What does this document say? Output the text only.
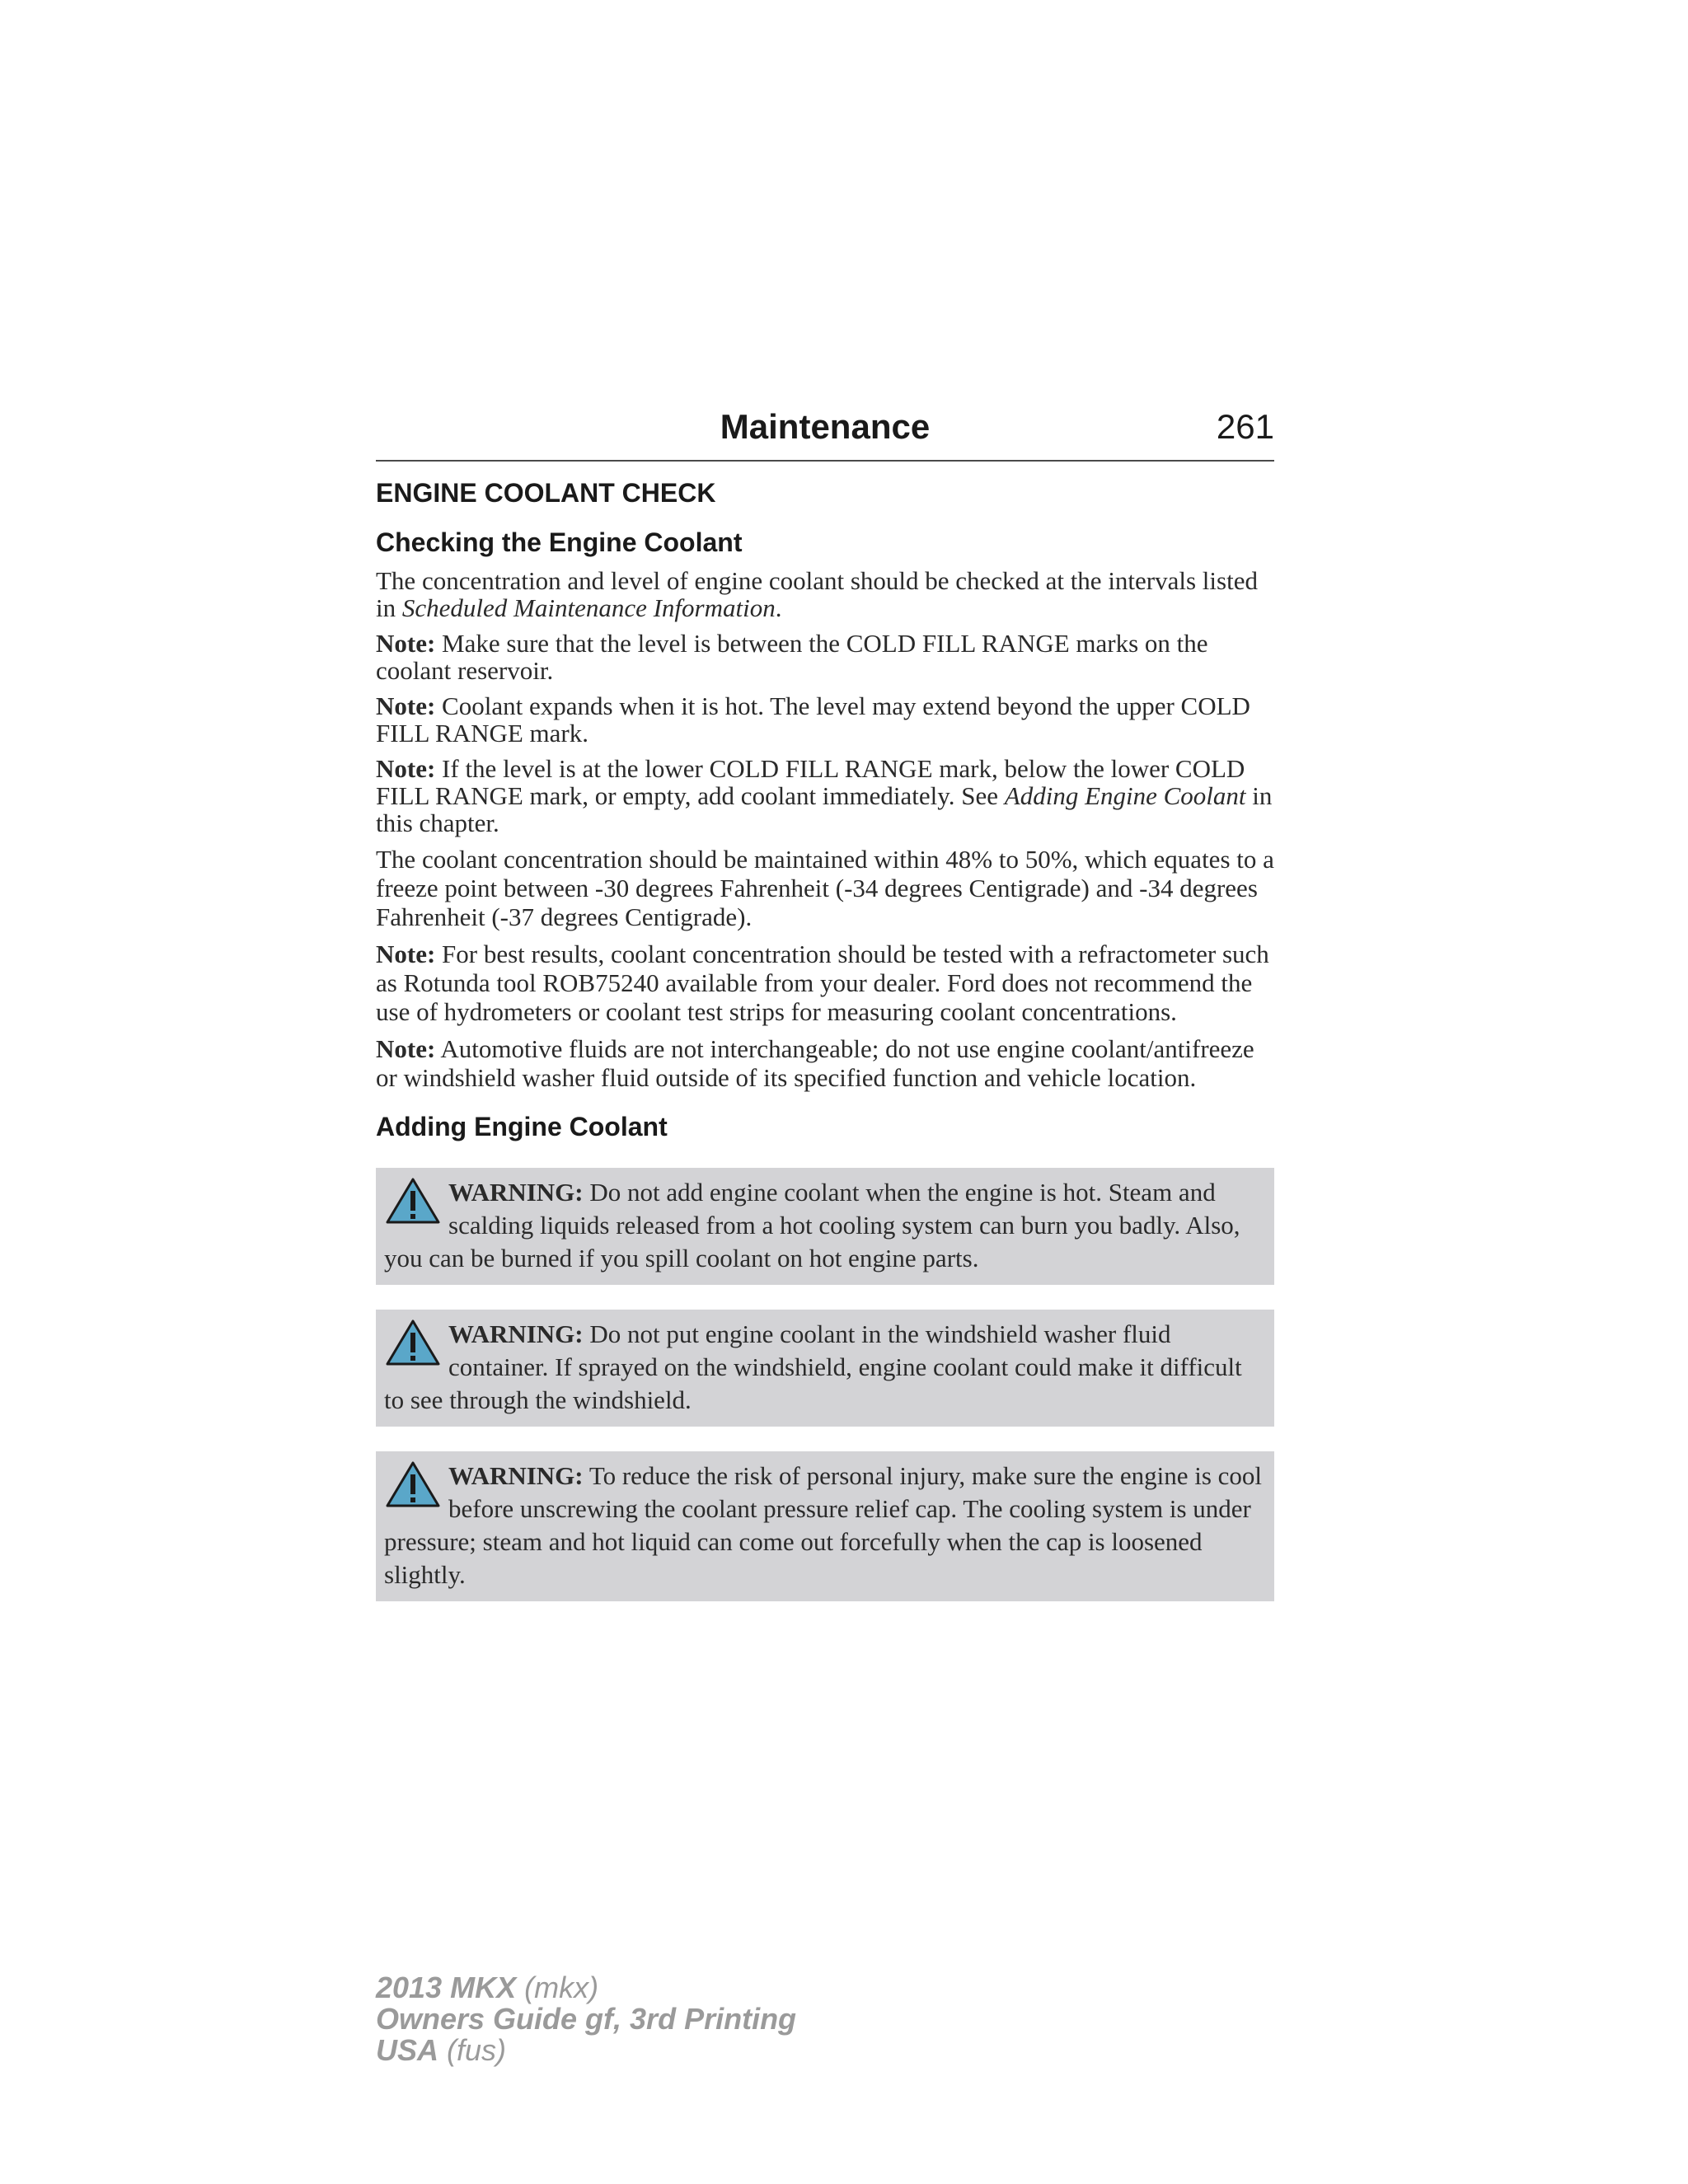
Maintenance	261
ENGINE COOLANT CHECK
Checking the Engine Coolant

The concentration and level of engine coolant should be checked at the intervals listed in Scheduled Maintenance Information.

Note: Make sure that the level is between the COLD FILL RANGE marks on the coolant reservoir.

Note: Coolant expands when it is hot. The level may extend beyond the upper COLD FILL RANGE mark.

Note: If the level is at the lower COLD FILL RANGE mark, below the lower COLD FILL RANGE mark, or empty, add coolant immediately. See Adding Engine Coolant in this chapter.

The coolant concentration should be maintained within 48% to 50%, which equates to a freeze point between -30 degrees Fahrenheit (-34 degrees Centigrade) and -34 degrees Fahrenheit (-37 degrees Centigrade).

Note: For best results, coolant concentration should be tested with a refractometer such as Rotunda tool ROB75240 available from your dealer. Ford does not recommend the use of hydrometers or coolant test strips for measuring coolant concentrations.

Note: Automotive fluids are not interchangeable; do not use engine coolant/antifreeze or windshield washer fluid outside of its specified function and vehicle location.

Adding Engine Coolant
WARNING: Do not add engine coolant when the engine is hot. Steam and scalding liquids released from a hot cooling system can burn you badly. Also, you can be burned if you spill coolant on hot engine parts.
WARNING: Do not put engine coolant in the windshield washer fluid container. If sprayed on the windshield, engine coolant could make it difficult to see through the windshield.
WARNING: To reduce the risk of personal injury, make sure the engine is cool before unscrewing the coolant pressure relief cap. The cooling system is under pressure; steam and hot liquid can come out forcefully when the cap is loosened slightly.
2013 MKX (mkx)
Owners Guide gf, 3rd Printing
USA (fus)
